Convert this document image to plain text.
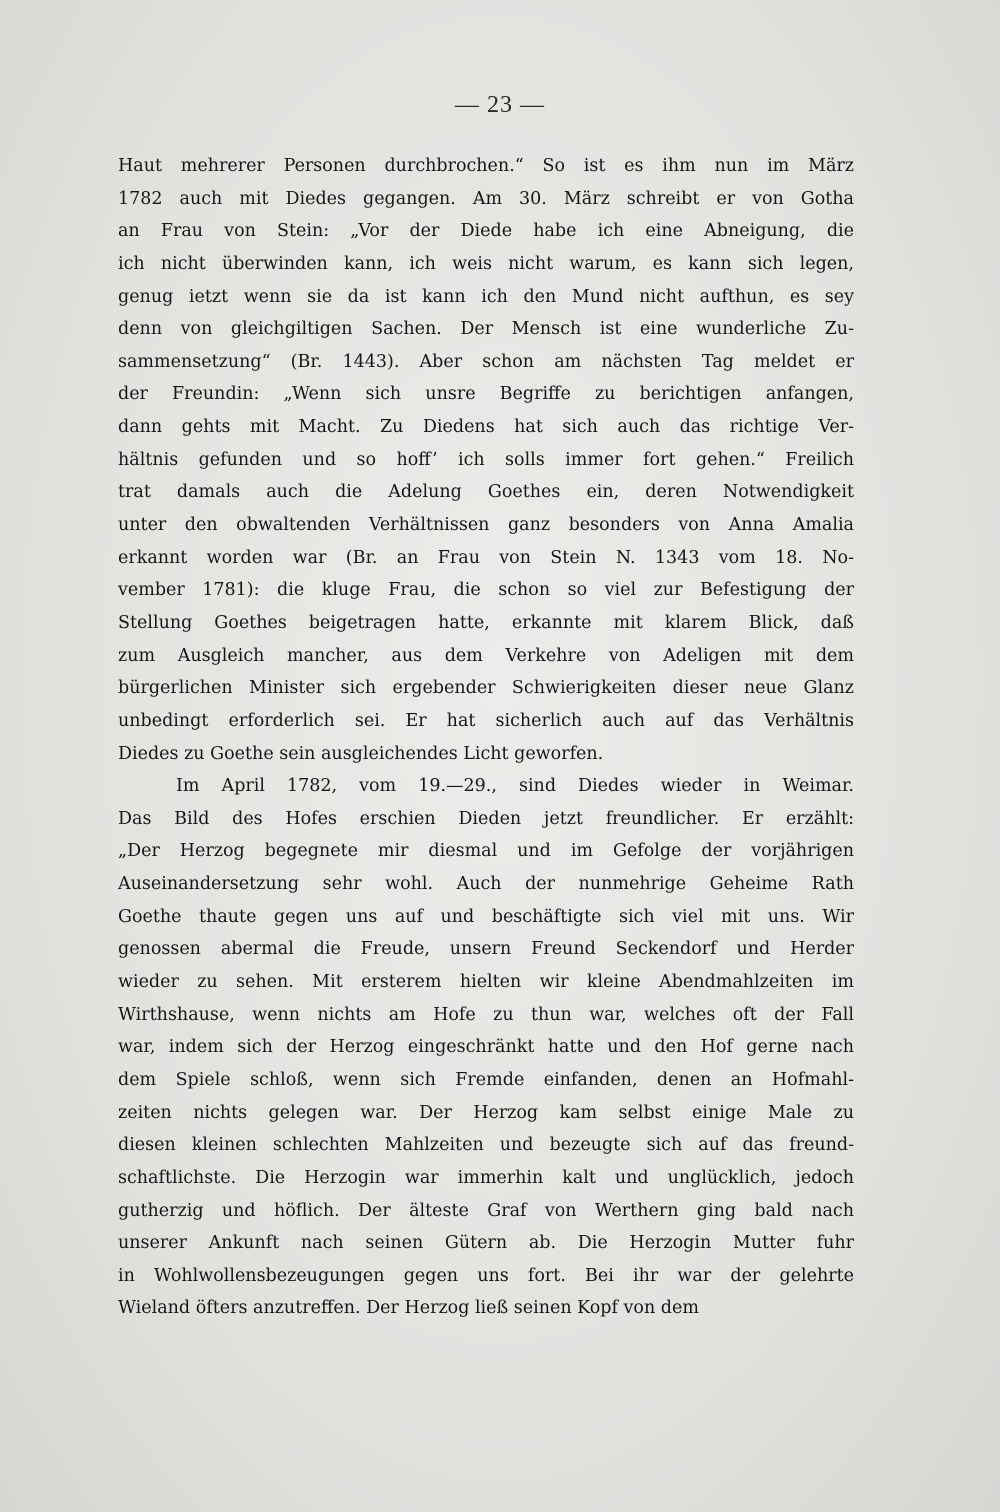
— 23 —
Haut mehrerer Personen durchbrochen.“ So ist es ihm nun im März
1782 auch mit Diedes gegangen. Am 30. März schreibt er von Gotha
an Frau von Stein: „Vor der Diede habe ich eine Abneigung, die
ich nicht überwinden kann, ich weis nicht warum, es kann sich legen,
genug ietzt wenn sie da ist kann ich den Mund nicht aufthun, es sey
denn von gleichgiltigen Sachen. Der Mensch ist eine wunderliche Zu-
sammensetzung“ (Br. 1443). Aber schon am nächsten Tag meldet er
der Freundin: „Wenn sich unsre Begriffe zu berichtigen anfangen,
dann gehts mit Macht. Zu Diedens hat sich auch das richtige Ver-
hältnis gefunden und so hoff’ ich solls immer fort gehen.“ Freilich
trat damals auch die Adelung Goethes ein, deren Notwendigkeit
unter den obwaltenden Verhältnissen ganz besonders von Anna Amalia
erkannt worden war (Br. an Frau von Stein N. 1343 vom 18. No-
vember 1781): die kluge Frau, die schon so viel zur Befestigung der
Stellung Goethes beigetragen hatte, erkannte mit klarem Blick, daß
zum Ausgleich mancher, aus dem Verkehre von Adeligen mit dem
bürgerlichen Minister sich ergebender Schwierigkeiten dieser neue Glanz
unbedingt erforderlich sei. Er hat sicherlich auch auf das Verhältnis
Diedes zu Goethe sein ausgleichendes Licht geworfen.
Im April 1782, vom 19.—29., sind Diedes wieder in Weimar.
Das Bild des Hofes erschien Dieden jetzt freundlicher. Er erzählt:
„Der Herzog begegnete mir diesmal und im Gefolge der vorjährigen
Auseinandersetzung sehr wohl. Auch der nunmehrige Geheime Rath
Goethe thaute gegen uns auf und beschäftigte sich viel mit uns. Wir
genossen abermal die Freude, unsern Freund Seckendorf und Herder
wieder zu sehen. Mit ersterem hielten wir kleine Abendmahlzeiten im
Wirthshause, wenn nichts am Hofe zu thun war, welches oft der Fall
war, indem sich der Herzog eingeschränkt hatte und den Hof gerne nach
dem Spiele schloß, wenn sich Fremde einfanden, denen an Hofmahl-
zeiten nichts gelegen war. Der Herzog kam selbst einige Male zu
diesen kleinen schlechten Mahlzeiten und bezeugte sich auf das freund-
schaftlichste. Die Herzogin war immerhin kalt und unglücklich, jedoch
gutherzig und höflich. Der älteste Graf von Werthern ging bald nach
unserer Ankunft nach seinen Gütern ab. Die Herzogin Mutter fuhr
in Wohlwollensbezeugungen gegen uns fort. Bei ihr war der gelehrte
Wieland öfters anzutreffen. Der Herzog ließ seinen Kopf von dem
